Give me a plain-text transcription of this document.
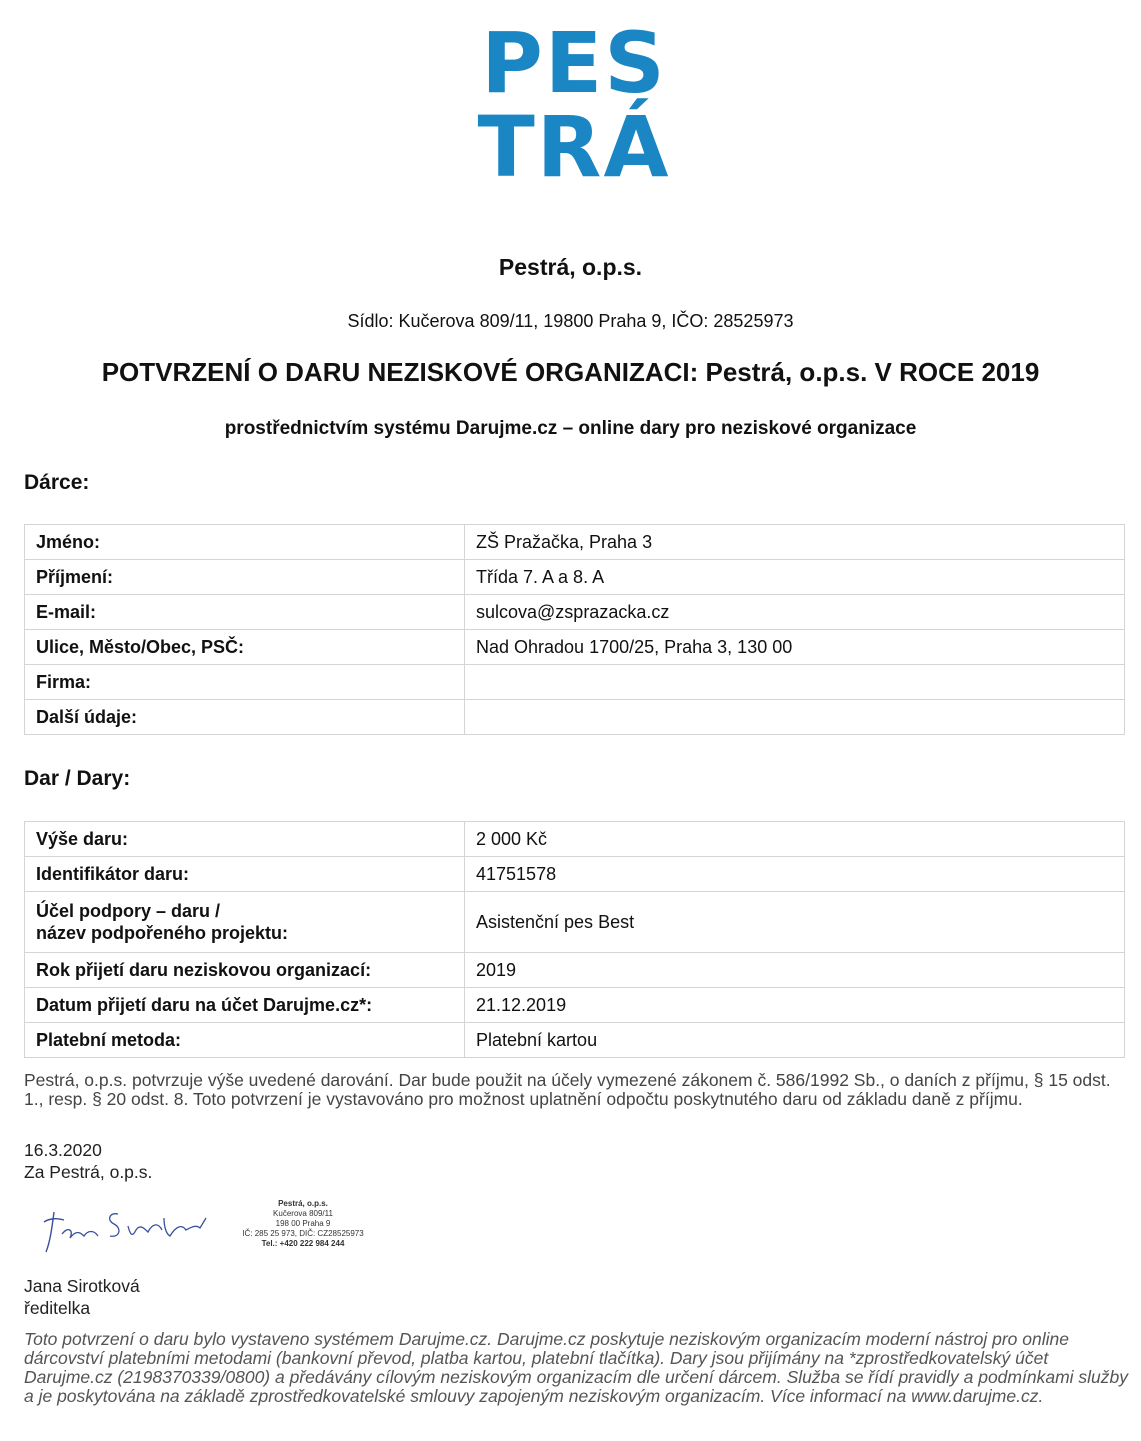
PES
TRÁ
Pestrá, o.p.s.
Sídlo: Kučerova 809/11, 19800 Praha 9, IČO: 28525973
POTVRZENÍ O DARU NEZISKOVÉ ORGANIZACI: Pestrá, o.p.s. V ROCE 2019
prostřednictvím systému Darujme.cz – online dary pro neziskové organizace
Dárce:
Jméno:	ZŠ Pražačka, Praha 3
Příjmení:	Třída 7. A a 8. A
E-mail:	sulcova@zsprazacka.cz
Ulice, Město/Obec, PSČ:	Nad Ohradou 1700/25, Praha 3, 130 00
Firma:	
Další údaje:	
Dar / Dary:
Výše daru:	2 000 Kč
Identifikátor daru:	41751578

Účel podpory – daru /
název podpořeného projektu:	Asistenční pes Best
Rok přijetí daru neziskovou organizací:	2019
Datum přijetí daru na účet Darujme.cz*:	21.12.2019
Platební metoda:	Platební kartou
Pestrá, o.p.s. potvrzuje výše uvedené darování. Dar bude použit na účely vymezené zákonem č. 586/1992 Sb., o daních z příjmu, § 15 odst. 1., resp. § 20 odst. 8. Toto potvrzení je vystavováno pro možnost uplatnění odpočtu poskytnutého daru od základu daně z příjmu.
16.3.2020
Za Pestrá, o.p.s.
Pestrá, o.p.s.
Kučerova 809/11
198 00 Praha 9
IČ: 285 25 973, DIČ: CZ28525973
Tel.: +420 222 984 244
Jana Sirotková
ředitelka
Toto potvrzení o daru bylo vystaveno systémem Darujme.cz. Darujme.cz poskytuje neziskovým organizacím moderní nástroj pro online dárcovství platebními metodami (bankovní převod, platba kartou, platební tlačítka). Dary jsou přijímány na *zprostředkovatelský účet Darujme.cz (2198370339/0800) a předávány cílovým neziskovým organizacím dle určení dárcem. Služba se řídí pravidly a podmínkami služby a je poskytována na základě zprostředkovatelské smlouvy zapojeným neziskovým organizacím. Více informací na www.darujme.cz.
